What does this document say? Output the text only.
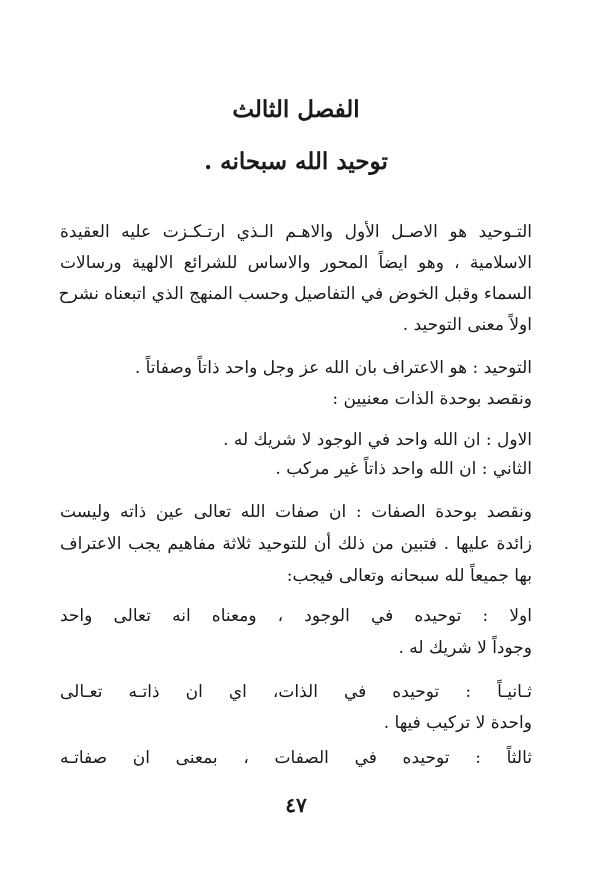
الفصل الثالث
توحيد الله سبحانه .
التـوحيد هو الاصـل الأول والاهـم الـذي ارتـكـزت عليه العقيدة
الاسلامية ، وهو ايضاً المحور والاساس للشرائع الالهية ورسالات
السماء وقبل الخوض في التفاصيل وحسب المنهج الذي اتبعناه نشرح
اولاً معنى التوحيد .
التوحيد : هو الاعتراف بان الله عز وجل واحد ذاتاً وصفاتاً .
ونقصد بوحدة الذات معنيين :
الاول : ان الله واحد في الوجود لا شريك له .
الثاني : ان الله واحد ذاتاً غير مركب .
ونقصد بوحدة الصفات : ان صفات الله تعالى عين ذاته وليست
زائدة عليها . فتبين من ذلك أن للتوحيد ثلاثة مفاهيم يجب الاعتراف
بها جميعاً لله سبحانه وتعالى فيجب:
اولا : توحيده في الوجود ، ومعناه انه تعالى واحد
وجوداً لا شريك له .
ثـانيـاً : توحيده في الذات، اي ان ذاتـه تعـالى
واحدة لا تركيب فيها .
ثالثاً : توحيده في الصفات ، بمعنى ان صفاتـه
٤٧
